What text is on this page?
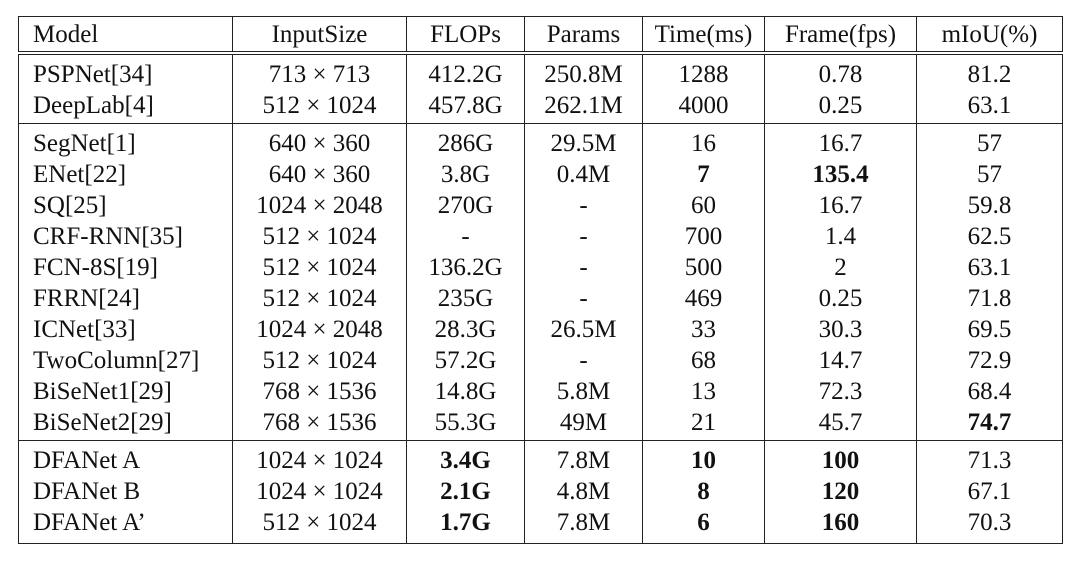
Model	InputSize	FLOPs	Params	Time(ms)	Frame(fps)	mIoU(%)
PSPNet[34]	713 × 713	412.2G	250.8M	1288	0.78	81.2
DeepLab[4]	512 × 1024	457.8G	262.1M	4000	0.25	63.1
SegNet[1]	640 × 360	286G	29.5M	16	16.7	57
ENet[22]	640 × 360	3.8G	0.4M	7	135.4	57
SQ[25]	1024 × 2048	270G	-	60	16.7	59.8
CRF-RNN[35]	512 × 1024	-	-	700	1.4	62.5
FCN-8S[19]	512 × 1024	136.2G	-	500	2	63.1
FRRN[24]	512 × 1024	235G	-	469	0.25	71.8
ICNet[33]	1024 × 2048	28.3G	26.5M	33	30.3	69.5
TwoColumn[27]	512 × 1024	57.2G	-	68	14.7	72.9
BiSeNet1[29]	768 × 1536	14.8G	5.8M	13	72.3	68.4
BiSeNet2[29]	768 × 1536	55.3G	49M	21	45.7	74.7
DFANet A	1024 × 1024	3.4G	7.8M	10	100	71.3
DFANet B	1024 × 1024	2.1G	4.8M	8	120	67.1
DFANet A’	512 × 1024	1.7G	7.8M	6	160	70.3
